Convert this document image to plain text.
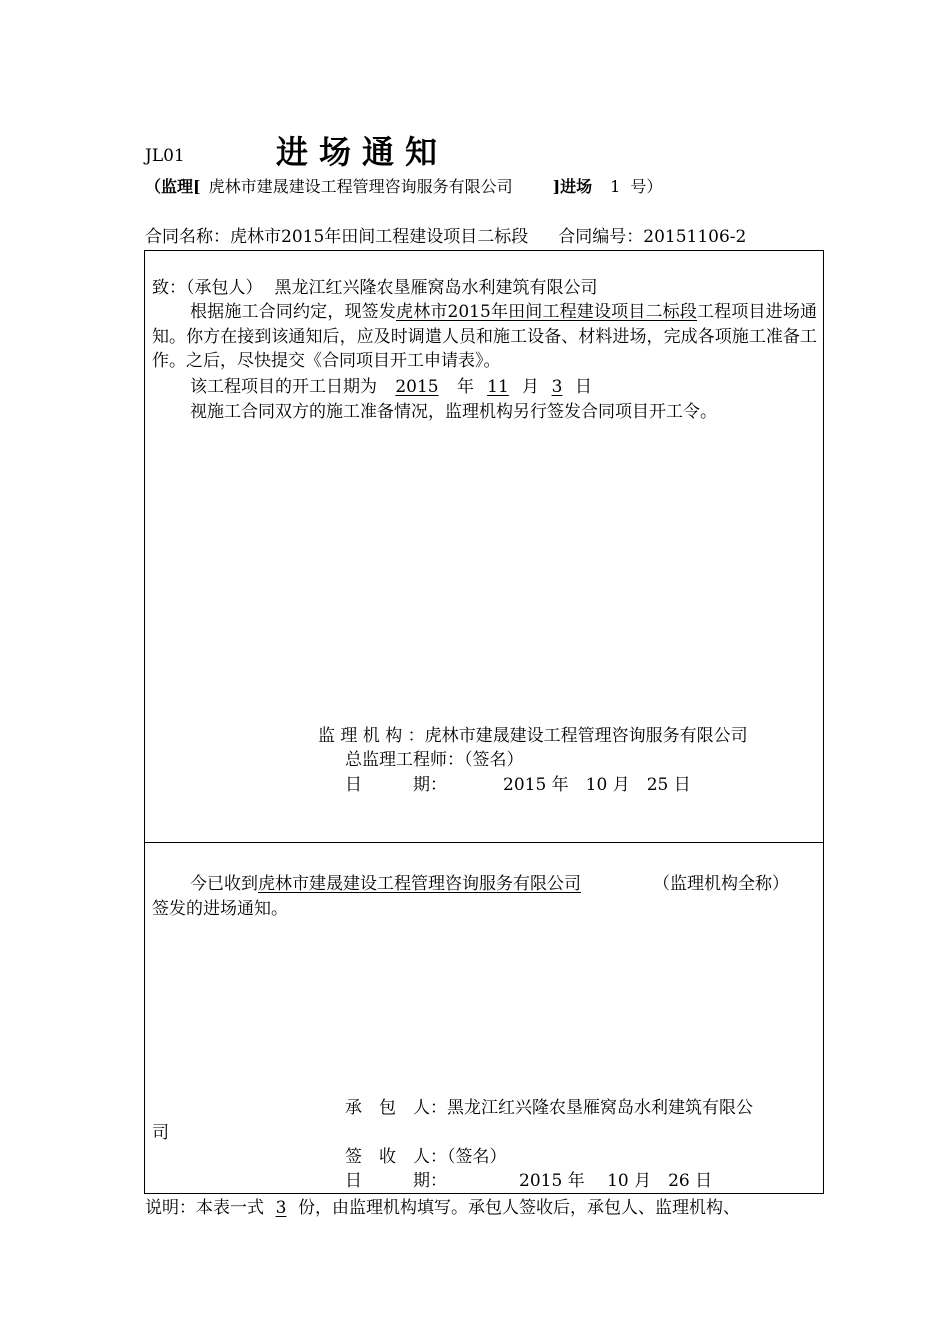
JL01	进场通知
（监理[ 虎林市建晟建设工程管理咨询服务有限公司	]进场 1 号）
合同名称：虎林市2015年田间工程建设项目二标段 合同编号：20151106-2
致：（承包人） 黑龙江红兴隆农垦雁窝岛水利建筑有限公司
根据施工合同约定，现签发虎林市2015年田间工程建设项目二标段工程项目进场通知。你方在接到该通知后，应及时调遣人员和施工设备、材料进场，完成各项施工准备工作。之后，尽快提交《合同项目开工申请表》。
该工程项目的开工日期为 2015 年 11 月 3 日
视施工合同双方的施工准备情况，监理机构另行签发合同项目开工令。
监 理 机 构 ：虎林市建晟建设工程管理咨询服务有限公司
总监理工程师：（签名）
日　　　期：	2015 年　10 月　25 日
今已收到虎林市建晟建设工程管理咨询服务有限公司	（监理机构全称）
签发的进场通知。
承　包　人：黑龙江红兴隆农垦雁窝岛水利建筑有限公
司
签　收　人：（签名）
日　　　期：	2015 年　 10 月　26 日
说明：本表一式 3 份，由监理机构填写。承包人签收后，承包人、监理机构、
